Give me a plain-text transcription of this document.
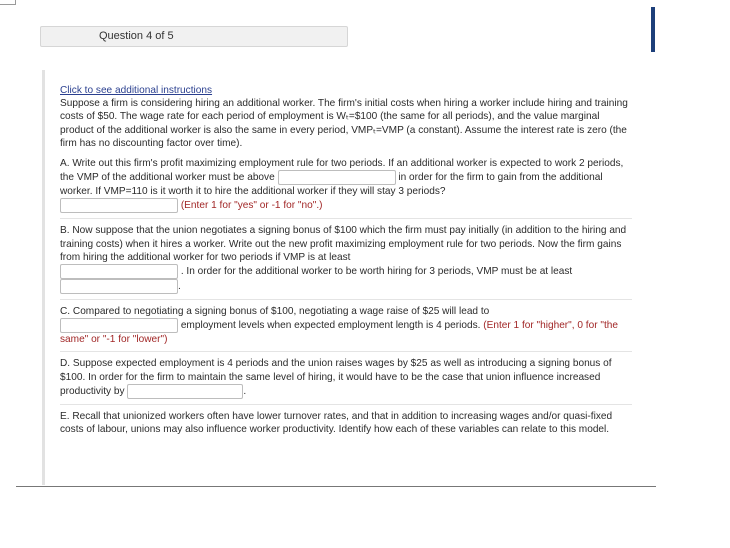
Question 4 of 5

Click to see additional instructions

Suppose a firm is considering hiring an additional worker. The firm's initial costs when hiring a worker include hiring and training costs of $50. The wage rate for each period of employment is Wₜ=$100 (the same for all periods), and the value marginal product of the additional worker is also the same in every period, VMPₜ=VMP (a constant). Assume the interest rate is zero (the firm has no discounting factor over time).

A. Write out this firm's profit maximizing employment rule for two periods. If an additional worker is expected to work 2 periods, the VMP of the additional worker must be above	in order for the firm to gain from the additional worker. If VMP=110 is it worth it to hire the additional worker if they will stay 3 periods?
(Enter 1 for "yes" or -1 for "no".)
B. Now suppose that the union negotiates a signing bonus of $100 which the firm must pay initially (in addition to the hiring and training costs) when it hires a worker. Write out the new profit maximizing employment rule for two periods. Now the firm gains from hiring the additional worker for two periods if VMP is at least
. In order for the additional worker to be worth hiring for 3 periods, VMP must be at least
.
C. Compared to negotiating a signing bonus of $100, negotiating a wage raise of $25 will lead to
employment levels when expected employment length is 4 periods. (Enter 1 for "higher", 0 for "the same" or "-1 for "lower")
D. Suppose expected employment is 4 periods and the union raises wages by $25 as well as introducing a signing bonus of $100. In order for the firm to maintain the same level of hiring, it would have to be the case that union influence increased productivity by	.
E. Recall that unionized workers often have lower turnover rates, and that in addition to increasing wages and/or quasi-fixed costs of labour, unions may also influence worker productivity. Identify how each of these variables can relate to this model.
